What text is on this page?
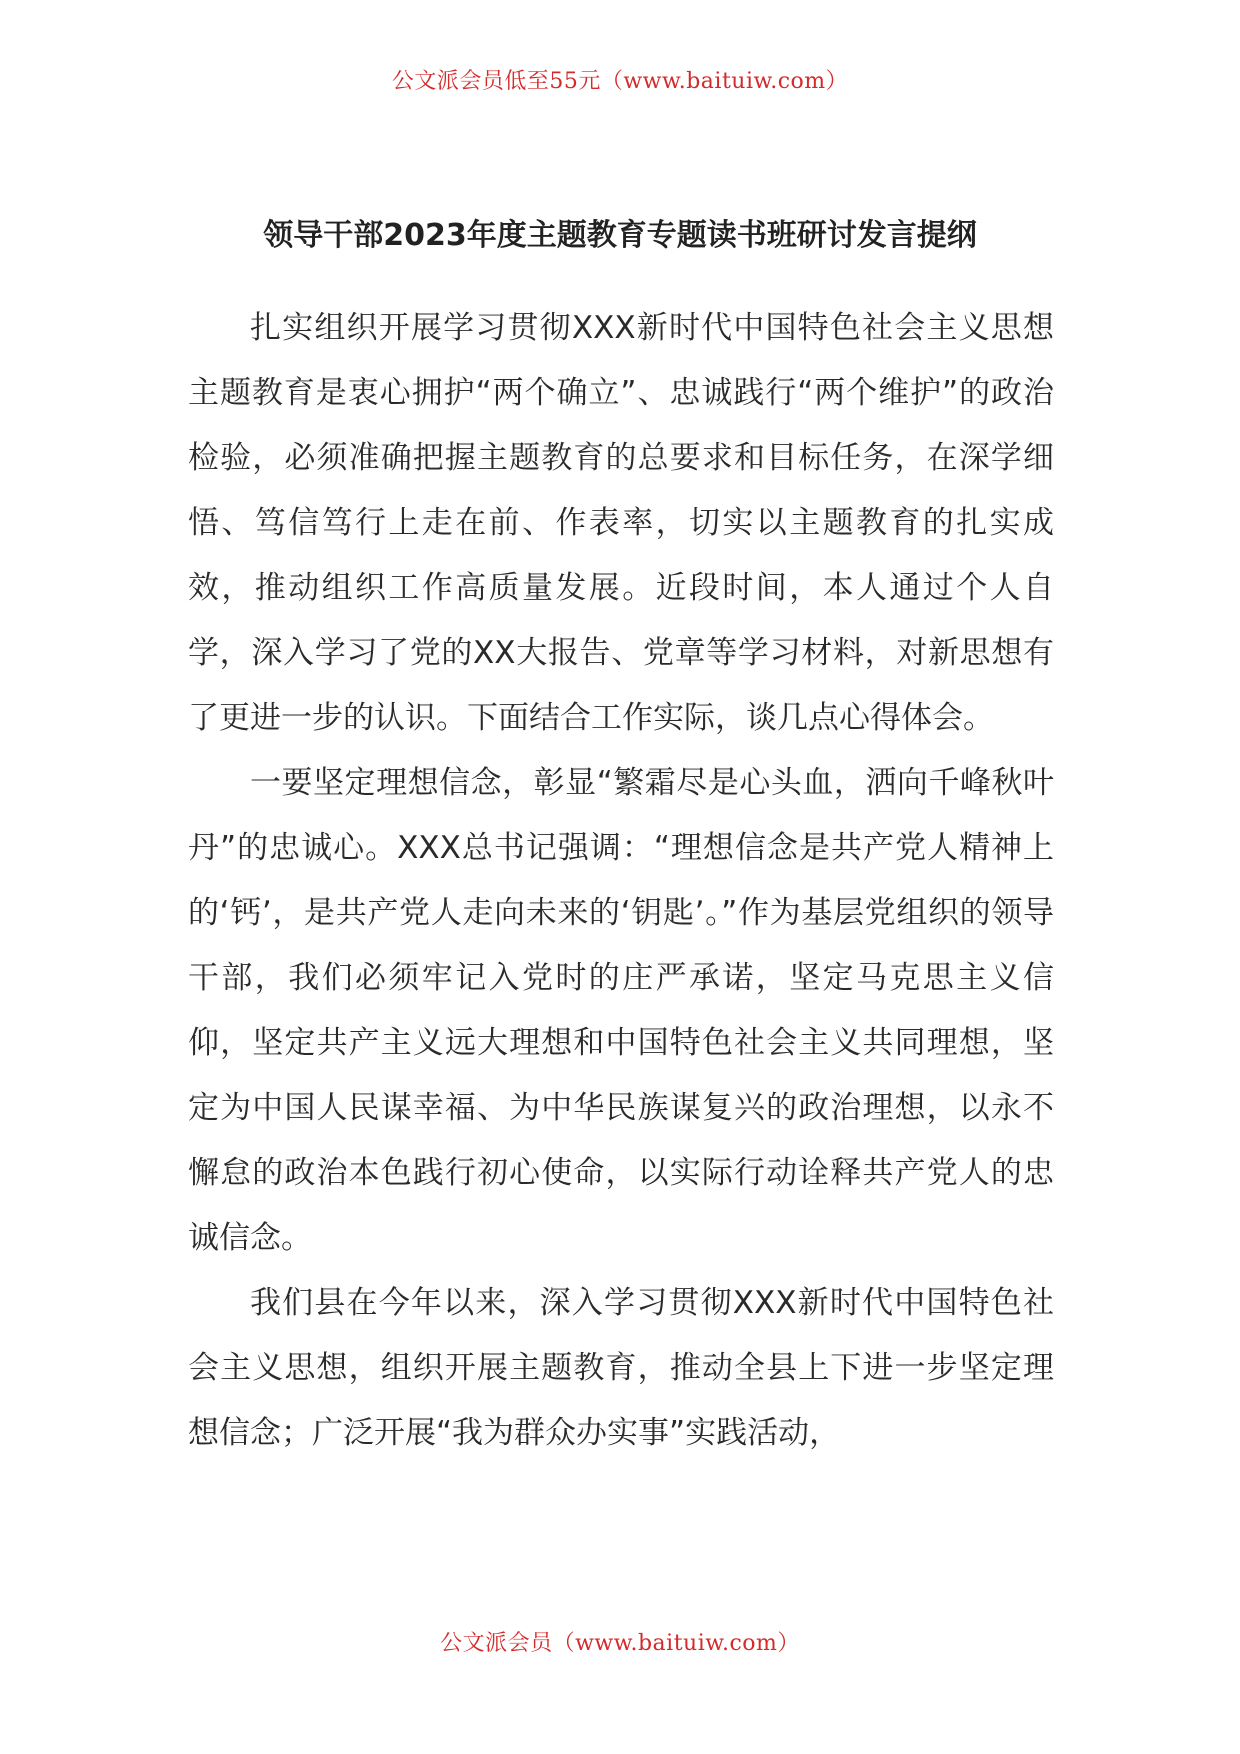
公文派会员低至55元（www.baituiw.com）
领导干部2023年度主题教育专题读书班研讨发言提纲

扎实组织开展学习贯彻XXX新时代中国特色社会主义思想主题教育是衷心拥护“两个确立”、忠诚践行“两个维护”的政治检验，必须准确把握主题教育的总要求和目标任务，在深学细悟、笃信笃行上走在前、作表率，切实以主题教育的扎实成效，推动组织工作高质量发展。近段时间，本人通过个人自学，深入学习了党的XX大报告、党章等学习材料，对新思想有了更进一步的认识。下面结合工作实际，谈几点心得体会。

一要坚定理想信念，彰显“繁霜尽是心头血，洒向千峰秋叶丹”的忠诚心。XXX总书记强调：“理想信念是共产党人精神上的‘钙’，是共产党人走向未来的‘钥匙’。”作为基层党组织的领导干部，我们必须牢记入党时的庄严承诺，坚定马克思主义信仰，坚定共产主义远大理想和中国特色社会主义共同理想，坚定为中国人民谋幸福、为中华民族谋复兴的政治理想，以永不懈怠的政治本色践行初心使命，以实际行动诠释共产党人的忠诚信念。

我们县在今年以来，深入学习贯彻XXX新时代中国特色社会主义思想，组织开展主题教育，推动全县上下进一步坚定理想信念；广泛开展“我为群众办实事”实践活动，

公文派会员（www.baituiw.com）
